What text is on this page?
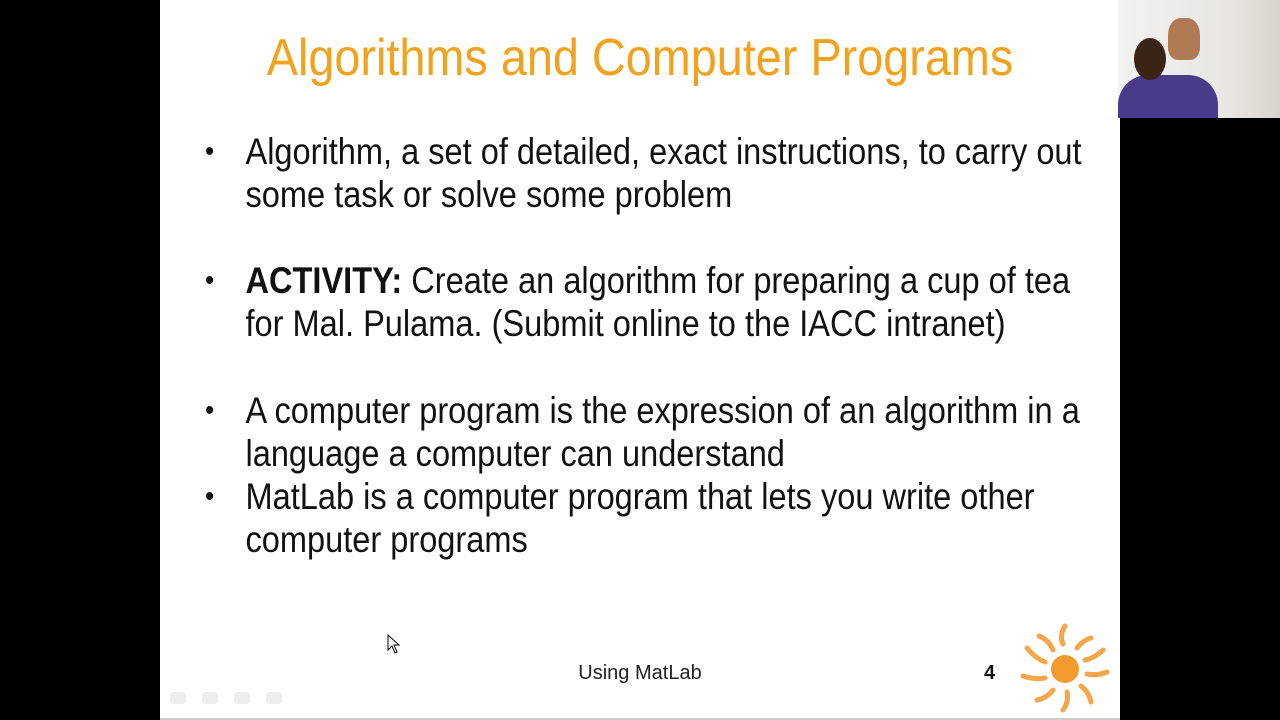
Algorithms and Computer Programs
• Algorithm, a set of detailed, exact instructions, to carry out some task or solve some problem
• ACTIVITY: Create an algorithm for preparing a cup of tea for Mal. Pulama. (Submit online to the IACC intranet)
• A computer program is the expression of an algorithm in a language a computer can understand
• MatLab is a computer program that lets you write other computer programs
Using MatLab	4
